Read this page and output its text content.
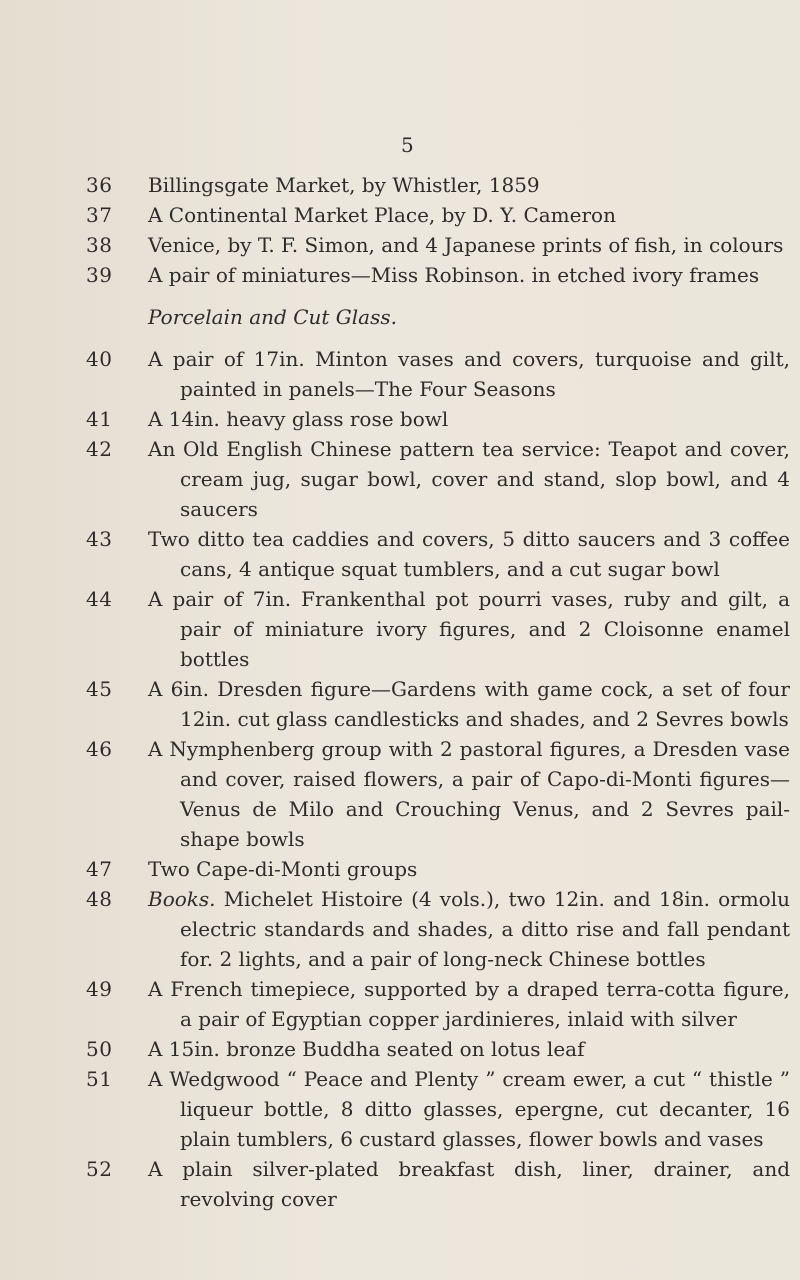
5
36 Billingsgate Market, by Whistler, 1859
37 A Continental Market Place, by D. Y. Cameron
38 Venice, by T. F. Simon, and 4 Japanese prints of fish, in colours
39 A pair of miniatures—Miss Robinson. in etched ivory frames
Porcelain and Cut Glass.
40 A pair of 17in. Minton vases and covers, turquoise and gilt, painted in panels—The Four Seasons
41 A 14in. heavy glass rose bowl
42 An Old English Chinese pattern tea service: Teapot and cover, cream jug, sugar bowl, cover and stand, slop bowl, and 4 saucers
43 Two ditto tea caddies and covers, 5 ditto saucers and 3 coffee cans, 4 antique squat tumblers, and a cut sugar bowl
44 A pair of 7in. Frankenthal pot pourri vases, ruby and gilt, a pair of miniature ivory figures, and 2 Cloisonne enamel bottles
45 A 6in. Dresden figure—Gardens with game cock, a set of four 12in. cut glass candlesticks and shades, and 2 Sevres bowls
46 A Nymphenberg group with 2 pastoral figures, a Dresden vase and cover, raised flowers, a pair of Capo-di-Monti figures—Venus de Milo and Crouching Venus, and 2 Sevres pail-shape bowls
47 Two Cape-di-Monti groups
48 Books. Michelet Histoire (4 vols.), two 12in. and 18in. ormolu electric standards and shades, a ditto rise and fall pendant for. 2 lights, and a pair of long-neck Chinese bottles
49 A French timepiece, supported by a draped terra-cotta figure, a pair of Egyptian copper jardinieres, inlaid with silver
50 A 15in. bronze Buddha seated on lotus leaf
51 A Wedgwood “ Peace and Plenty ” cream ewer, a cut “ thistle ” liqueur bottle, 8 ditto glasses, epergne, cut decanter, 16 plain tumblers, 6 custard glasses, flower bowls and vases
52 A plain silver-plated breakfast dish, liner, drainer, and revolving cover
